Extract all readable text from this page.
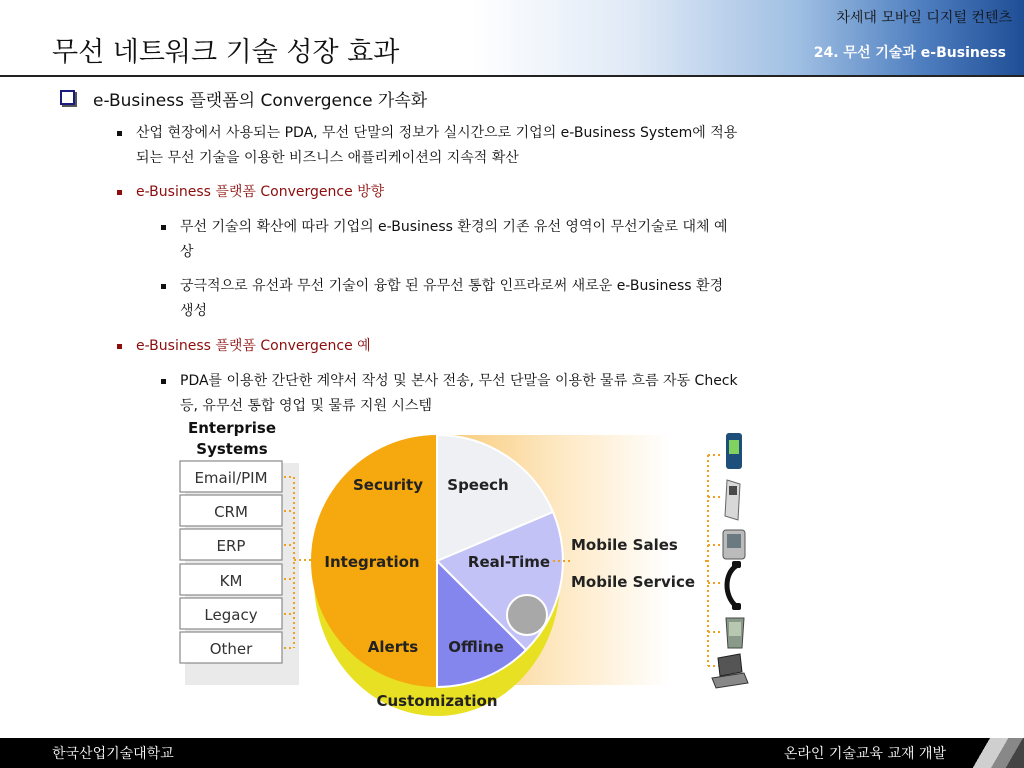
무선 네트워크 기술 성장 효과
차세대 모바일 디지털 컨텐츠
24. 무선 기술과 e-Business
e-Business 플랫폼의 Convergence 가속화
산업 현장에서 사용되는 PDA, 무선 단말의 정보가 실시간으로 기업의 e-Business System에 적용
되는 무선 기술을 이용한 비즈니스 애플리케이션의 지속적 확산
e-Business 플랫폼 Convergence 방향
무선 기술의 확산에 따라 기업의 e-Business 환경의 기존 유선 영역이 무선기술로 대체 예
상
궁극적으로 유선과 무선 기술이 융합 된 유무선 통합 인프라로써 새로운 e-Business 환경
생성
e-Business 플랫폼 Convergence 예
PDA를 이용한 간단한 계약서 작성 및 본사 전송, 무선 단말을 이용한 물류 흐름 자동 Check
등, 유무선 통합 영업 및 물류 지원 시스템
Enterprise
Systems
Email/PIM
CRM
ERP
KM
Legacy
Other
Customization
Security
Integration
Alerts
Speech
Real-Time
Offline
Mobile Sales
Mobile Service
한국산업기술대학교	온라인 기술교육 교재 개발
